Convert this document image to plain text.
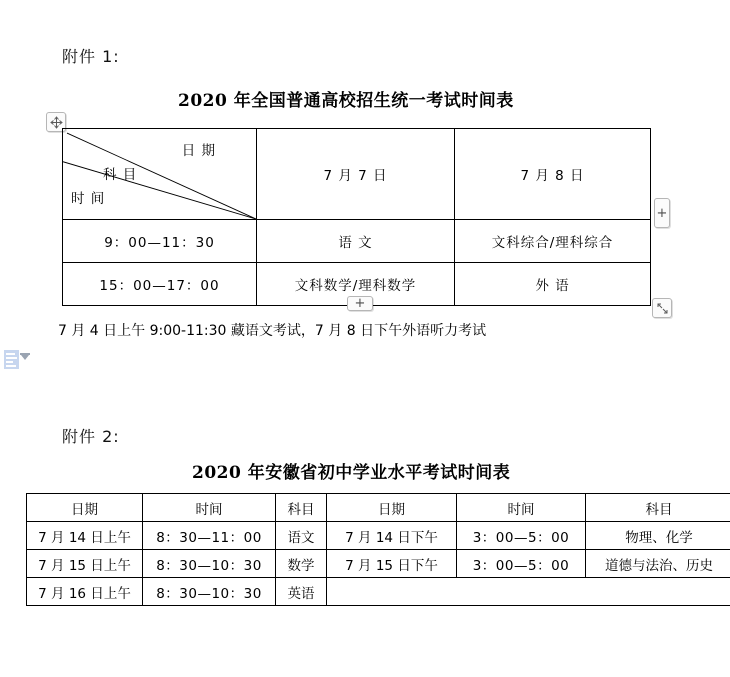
附件 1:
2020 年全国普通高校招生统一考试时间表
日 期
科 目
时 间	7 月 7 日	7 月 8 日
9：00—11：30	语 文	文科综合/理科综合
15：00—17：00	文科数学/理科数学	外 语
+
+
7 月 4 日上午 9:00-11:30 藏语文考试，7 月 8 日下午外语听力考试
附件 2:
2020 年安徽省初中学业水平考试时间表
日期	时间	科目	日期	时间	科目
7 月 14 日上午	8：30—11：00	语文	7 月 14 日下午	3：00—5：00	物理、化学
7 月 15 日上午	8：30—10：30	数学	7 月 15 日下午	3：00—5：00	道德与法治、历史
7 月 16 日上午	8：30—10：30	英语			
